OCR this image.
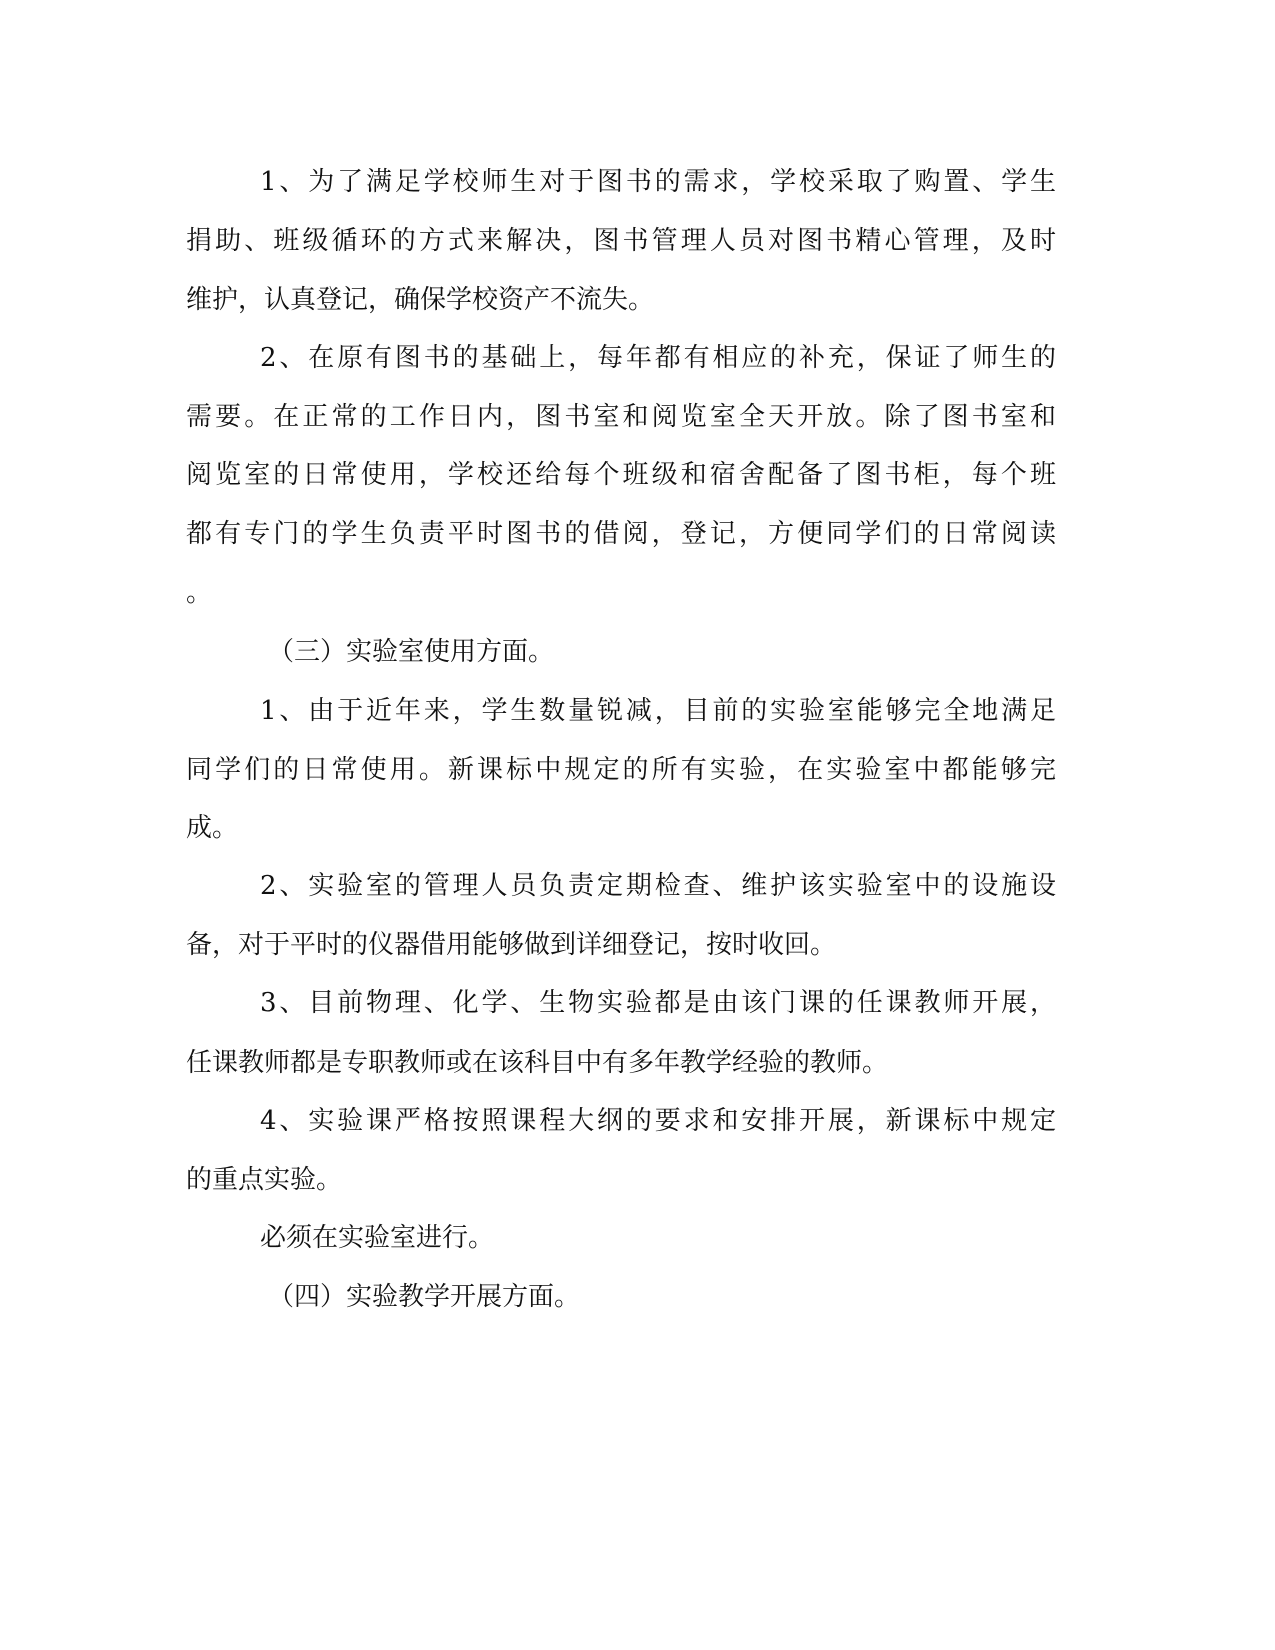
1、为了满足学校师生对于图书的需求，学校采取了购置、学生
捐助、班级循环的方式来解决，图书管理人员对图书精心管理，及时
维护，认真登记，确保学校资产不流失。
2、在原有图书的基础上，每年都有相应的补充，保证了师生的
需要。在正常的工作日内，图书室和阅览室全天开放。除了图书室和
阅览室的日常使用，学校还给每个班级和宿舍配备了图书柜，每个班
都有专门的学生负责平时图书的借阅，登记，方便同学们的日常阅读
。
（三）实验室使用方面。
1、由于近年来，学生数量锐减，目前的实验室能够完全地满足
同学们的日常使用。新课标中规定的所有实验，在实验室中都能够完
成。
2、实验室的管理人员负责定期检查、维护该实验室中的设施设
备，对于平时的仪器借用能够做到详细登记，按时收回。
3、目前物理、化学、生物实验都是由该门课的任课教师开展，
任课教师都是专职教师或在该科目中有多年教学经验的教师。
4、实验课严格按照课程大纲的要求和安排开展，新课标中规定
的重点实验。
必须在实验室进行。
（四）实验教学开展方面。
